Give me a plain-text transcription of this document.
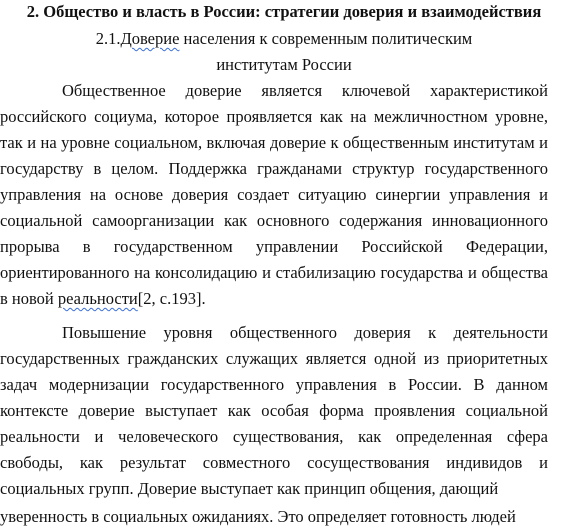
2. Общество и власть в России: стратегии доверия и взаимодействия
2.1.Доверие населения к современным политическим
институтам России

Общественное доверие является ключевой характеристикой российского социума, которое проявляется как на межличностном уровне, так и на уровне социальном, включая доверие к общественным институтам и государству в целом. Поддержка гражданами структур государственного управления на основе доверия создает ситуацию синергии управления и социальной самоорганизации как основного содержания инновационного прорыва в государственном управлении Российской Федерации, ориентированного на консолидацию и стабилизацию государства и общества в новой реальности[2, с.193].

Повышение уровня общественного доверия к деятельности государственных гражданских служащих является одной из приоритетных задач модернизации государственного управления в России. В данном контексте доверие выступает как особая форма проявления социальной реальности и человеческого существования, как определенная сфера свободы, как результат совместного сосуществования индивидов и социальных групп. Доверие выступает как принцип общения, дающий

уверенность в социальных ожиданиях. Это определяет готовность людей
